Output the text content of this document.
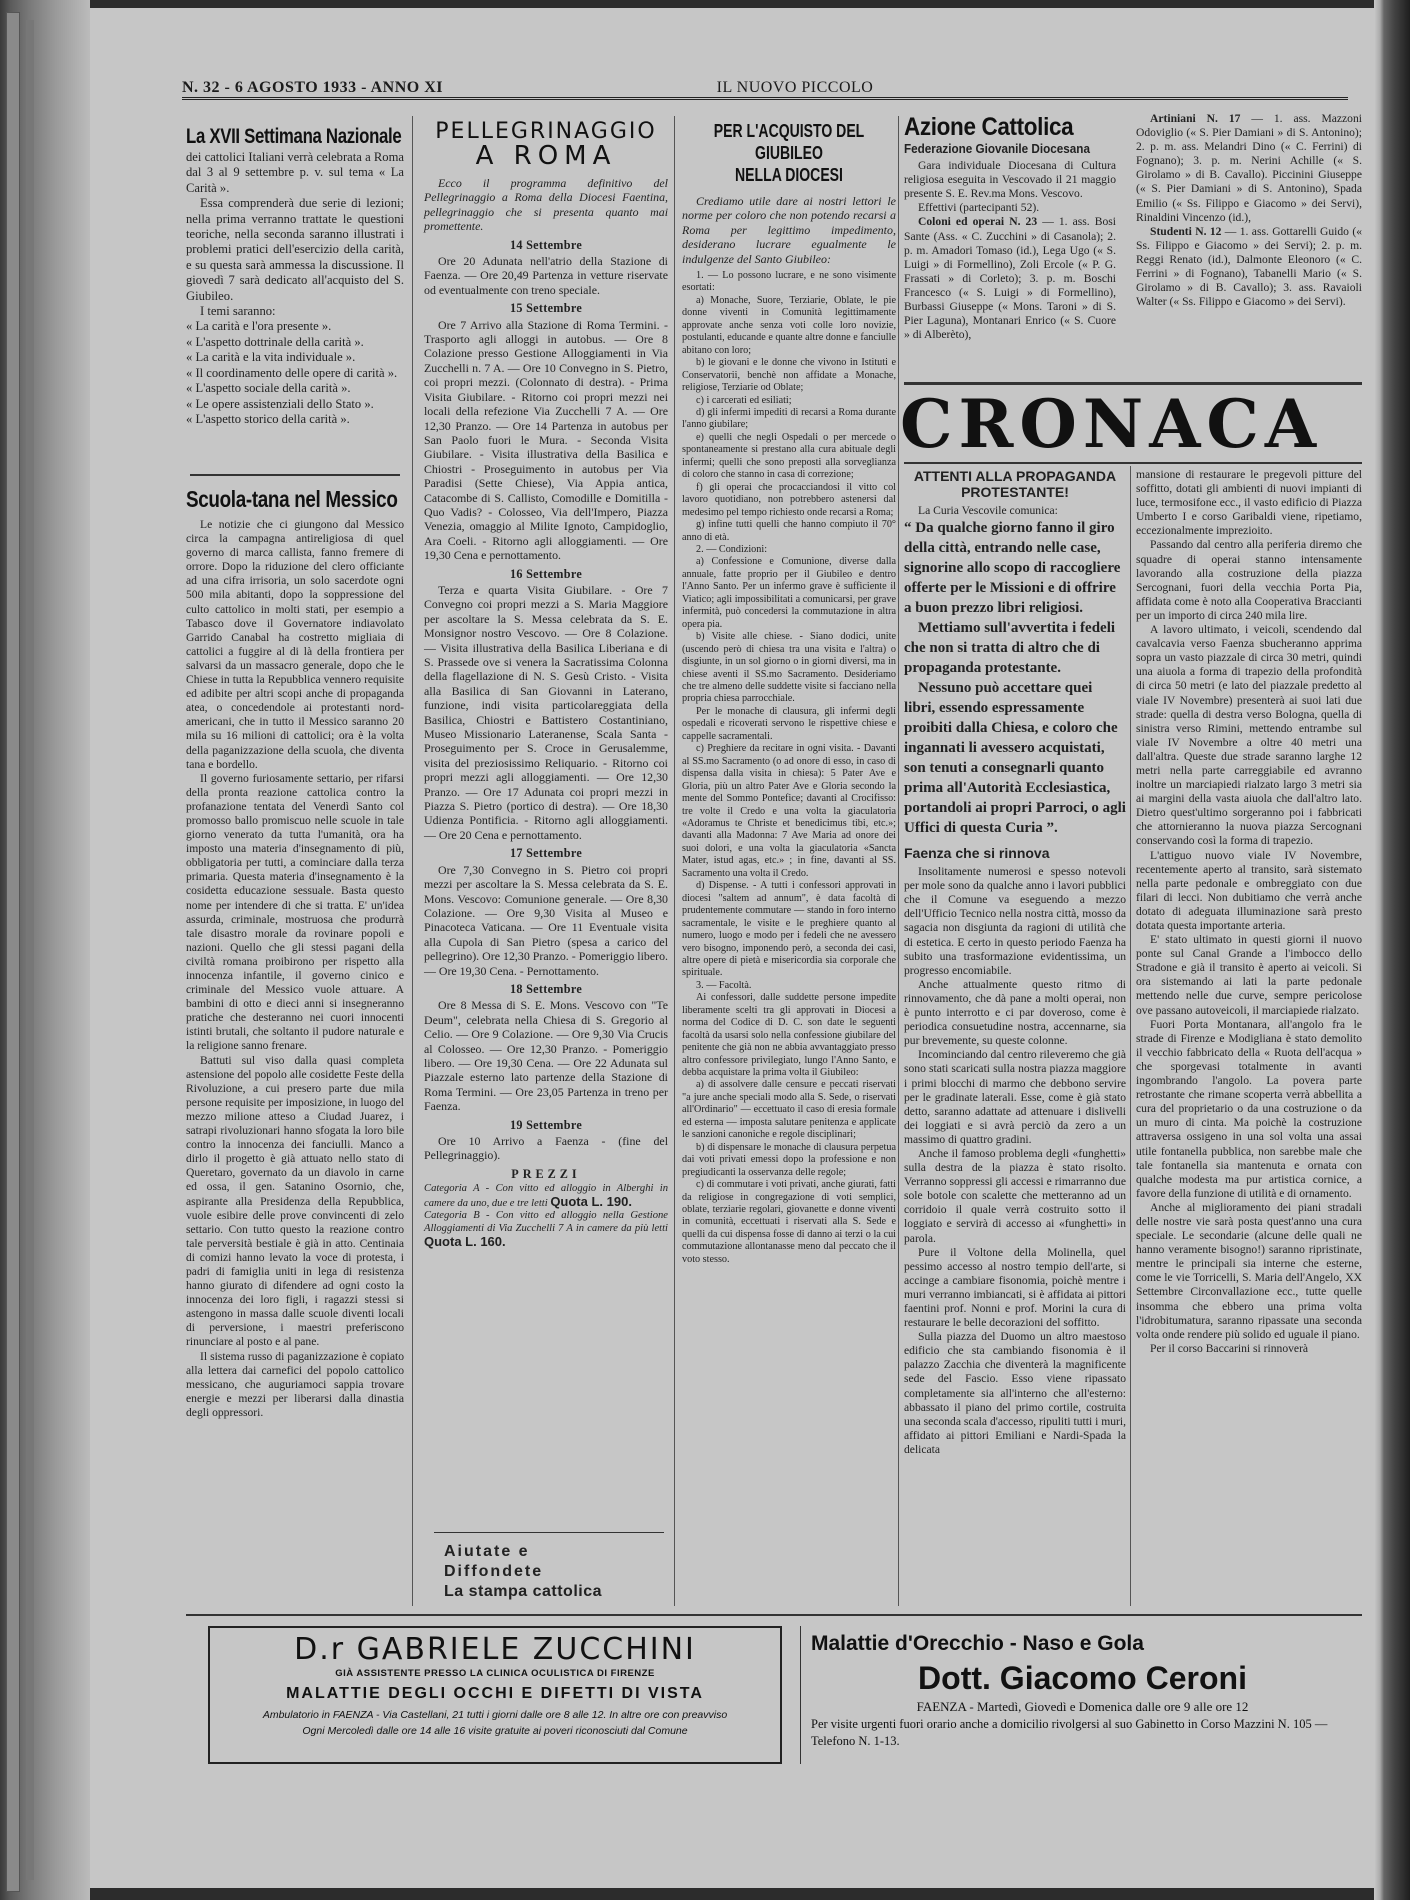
N. 32 - 6 AGOSTO 1933 - ANNO XI	IL NUOVO PICCOLO
La XVII Settimana Nazionale

dei cattolici Italiani verrà celebrata a Roma dal 3 al 9 settembre p. v. sul tema « La Carità ».

Essa comprenderà due serie di lezioni; nella prima verranno trattate le questioni teoriche, nella seconda saranno illustrati i problemi pratici dell'esercizio della carità, e su questa sarà ammessa la discussione. Il giovedì 7 sarà dedicato all'acquisto del S. Giubileo.

I temi saranno:

« La carità e l'ora presente ».

« L'aspetto dottrinale della carità ».

« La carità e la vita individuale ».

« Il coordinamento delle opere di carità ».

« L'aspetto sociale della carità ».

« Le opere assistenziali dello Stato ».

« L'aspetto storico della carità ».

Scuola-tana nel Messico

Le notizie che ci giungono dal Messico circa la campagna antireligiosa di quel governo di marca callista, fanno fremere di orrore. Dopo la riduzione del clero officiante ad una cifra irrisoria, un solo sacerdote ogni 500 mila abitanti, dopo la soppressione del culto cattolico in molti stati, per esempio a Tabasco dove il Governatore indiavolato Garrido Canabal ha costretto migliaia di cattolici a fuggire al di là della frontiera per salvarsi da un massacro generale, dopo che le Chiese in tutta la Repubblica vennero requisite ed adibite per altri scopi anche di propaganda atea, o concedendole ai protestanti nord-americani, che in tutto il Messico saranno 20 mila su 16 milioni di cattolici; ora è la volta della paganizzazione della scuola, che diventa tana e bordello.

Il governo furiosamente settario, per rifarsi della pronta reazione cattolica contro la profanazione tentata del Venerdì Santo col promosso ballo promiscuo nelle scuole in tale giorno venerato da tutta l'umanità, ora ha imposto una materia d'insegnamento di più, obbligatoria per tutti, a cominciare dalla terza primaria. Questa materia d'insegnamento è la cosidetta educazione sessuale. Basta questo nome per intendere di che si tratta. E' un'idea assurda, criminale, mostruosa che produrrà tale disastro morale da rovinare popoli e nazioni. Quello che gli stessi pagani della civiltà romana proibirono per rispetto alla innocenza infantile, il governo cinico e criminale del Messico vuole attuare. A bambini di otto e dieci anni si insegneranno pratiche che desteranno nei cuori innocenti istinti brutali, che soltanto il pudore naturale e la religione sanno frenare.

Battuti sul viso dalla quasi completa astensione del popolo alle cosidette Feste della Rivoluzione, a cui presero parte due mila persone requisite per imposizione, in luogo del mezzo milione atteso a Ciudad Juarez, i satrapi rivoluzionari hanno sfogata la loro bile contro la innocenza dei fanciulli. Manco a dirlo il progetto è già attuato nello stato di Queretaro, governato da un diavolo in carne ed ossa, il gen. Satanino Osornio, che, aspirante alla Presidenza della Repubblica, vuole esibire delle prove convincenti di zelo settario. Con tutto questo la reazione contro tale perversità bestiale è già in atto. Centinaia di comizi hanno levato la voce di protesta, i padri di famiglia uniti in lega di resistenza hanno giurato di difendere ad ogni costo la innocenza dei loro figli, i ragazzi stessi si astengono in massa dalle scuole diventi locali di perversione, i maestri preferiscono rinunciare al posto e al pane.

Il sistema russo di paganizzazione è copiato alla lettera dai carnefici del popolo cattolico messicano, che auguriamoci sappia trovare energie e mezzi per liberarsi dalla dinastia degli oppressori.

PELLEGRINAGGIO
A ROMA

Ecco il programma definitivo del Pellegrinaggio a Roma della Diocesi Faentina, pellegrinaggio che si presenta quanto mai promettente.

14 Settembre

Ore 20 Adunata nell'atrio della Stazione di Faenza. — Ore 20,49 Partenza in vetture riservate od eventualmente con treno speciale.

15 Settembre

Ore 7 Arrivo alla Stazione di Roma Termini. - Trasporto agli alloggi in autobus. — Ore 8 Colazione presso Gestione Alloggiamenti in Via Zucchelli n. 7 A. — Ore 10 Convegno in S. Pietro, coi propri mezzi. (Colonnato di destra). - Prima Visita Giubilare. - Ritorno coi propri mezzi nei locali della refezione Via Zucchelli 7 A. — Ore 12,30 Pranzo. — Ore 14 Partenza in autobus per San Paolo fuori le Mura. - Seconda Visita Giubilare. - Visita illustrativa della Basilica e Chiostri - Proseguimento in autobus per Via Paradisi (Sette Chiese), Via Appia antica, Catacombe di S. Callisto, Comodille e Domitilla - Quo Vadis? - Colosseo, Via dell'Impero, Piazza Venezia, omaggio al Milite Ignoto, Campidoglio, Ara Coeli. - Ritorno agli alloggiamenti. — Ore 19,30 Cena e pernottamento.

16 Settembre

Terza e quarta Visita Giubilare. - Ore 7 Convegno coi propri mezzi a S. Maria Maggiore per ascoltare la S. Messa celebrata da S. E. Monsignor nostro Vescovo. — Ore 8 Colazione. — Visita illustrativa della Basilica Liberiana e di S. Prassede ove si venera la Sacratissima Colonna della flagellazione di N. S. Gesù Cristo. - Visita alla Basilica di San Giovanni in Laterano, funzione, indi visita particolareggiata della Basilica, Chiostri e Battistero Costantiniano, Museo Missionario Lateranense, Scala Santa - Proseguimento per S. Croce in Gerusalemme, visita del preziosissimo Reliquario. - Ritorno coi propri mezzi agli alloggiamenti. — Ore 12,30 Pranzo. — Ore 17 Adunata coi propri mezzi in Piazza S. Pietro (portico di destra). — Ore 18,30 Udienza Pontificia. - Ritorno agli alloggiamenti. — Ore 20 Cena e pernottamento.

17 Settembre

Ore 7,30 Convegno in S. Pietro coi propri mezzi per ascoltare la S. Messa celebrata da S. E. Mons. Vescovo: Comunione generale. — Ore 8,30 Colazione. — Ore 9,30 Visita al Museo e Pinacoteca Vaticana. — Ore 11 Eventuale visita alla Cupola di San Pietro (spesa a carico del pellegrino). Ore 12,30 Pranzo. - Pomeriggio libero. — Ore 19,30 Cena. - Pernottamento.

18 Settembre

Ore 8 Messa di S. E. Mons. Vescovo con "Te Deum", celebrata nella Chiesa di S. Gregorio al Celio. — Ore 9 Colazione. — Ore 9,30 Via Crucis al Colosseo. — Ore 12,30 Pranzo. - Pomeriggio libero. — Ore 19,30 Cena. — Ore 22 Adunata sul Piazzale esterno lato partenze della Stazione di Roma Termini. — Ore 23,05 Partenza in treno per Faenza.

19 Settembre

Ore 10 Arrivo a Faenza - (fine del Pellegrinaggio).

PREZZI

Categoria A - Con vitto ed alloggio in Alberghi in camere da uno, due e tre letti Quota L. 190.

Categoria B - Con vitto ed alloggio nella Gestione Alloggiamenti di Via Zucchelli 7 A in camere da più letti Quota L. 160.

Aiutate e
Diffondete
La stampa cattolica
PER L'ACQUISTO DEL GIUBILEO
NELLA DIOCESI

Crediamo utile dare ai nostri lettori le norme per coloro che non potendo recarsi a Roma per legittimo impedimento, desiderano lucrare egualmente le indulgenze del Santo Giubileo:

1. — Lo possono lucrare, e ne sono visimente esortati:

a) Monache, Suore, Terziarie, Oblate, le pie donne viventi in Comunità legittimamente approvate anche senza voti colle loro novizie, postulanti, educande e quante altre donne e fanciulle abitano con loro;

b) le giovani e le donne che vivono in Istituti e Conservatorii, benchè non affidate a Monache, religiose, Terziarie od Oblate;

c) i carcerati ed esiliati;

d) gli infermi impediti di recarsi a Roma durante l'anno giubilare;

e) quelli che negli Ospedali o per mercede o spontaneamente si prestano alla cura abituale degli infermi; quelli che sono preposti alla sorveglianza di coloro che stanno in casa di correzione;

f) gli operai che procacciandosi il vitto col lavoro quotidiano, non potrebbero astenersi dal medesimo pel tempo richiesto onde recarsi a Roma;

g) infine tutti quelli che hanno compiuto il 70° anno di età.

2. — Condizioni:

a) Confessione e Comunione, diverse dalla annuale, fatte proprio per il Giubileo e dentro l'Anno Santo. Per un infermo grave è sufficiente il Viatico; agli impossibilitati a comunicarsi, per grave infermità, può concedersi la commutazione in altra opera pia.

b) Visite alle chiese. - Siano dodici, unite (uscendo però di chiesa tra una visita e l'altra) o disgiunte, in un sol giorno o in giorni diversi, ma in chiese aventi il SS.mo Sacramento. Desideriamo che tre almeno delle suddette visite si facciano nella propria chiesa parrocchiale.

Per le monache di clausura, gli infermi degli ospedali e ricoverati servono le rispettive chiese e cappelle sacramentali.

c) Preghiere da recitare in ogni visita. - Davanti al SS.mo Sacramento (o ad onore di esso, in caso di dispensa dalla visita in chiesa): 5 Pater Ave e Gloria, più un altro Pater Ave e Gloria secondo la mente del Sommo Pontefice; davanti al Crocifisso: tre volte il Credo e una volta la giaculatoria «Adoramus te Christe et benedicimus tibi, etc.»; davanti alla Madonna: 7 Ave Maria ad onore dei suoi dolori, e una volta la giaculatoria «Sancta Mater, istud agas, etc.» ; in fine, davanti al SS. Sacramento una volta il Credo.

d) Dispense. - A tutti i confessori approvati in diocesi "saltem ad annum", è data facoltà di prudentemente commutare — stando in foro interno sacramentale, le visite e le preghiere quanto al numero, luogo e modo per i fedeli che ne avessero vero bisogno, imponendo però, a seconda dei casi, altre opere di pietà e misericordia sia corporale che spirituale.

3. — Facoltà.

Ai confessori, dalle suddette persone impedite liberamente scelti tra gli approvati in Diocesi a norma del Codice di D. C. son date le seguenti facoltà da usarsi solo nella confessione giubilare del penitente che già non ne abbia avvantaggiato presso altro confessore privilegiato, lungo l'Anno Santo, e debba acquistare la prima volta il Giubileo:

a) di assolvere dalle censure e peccati riservati "a jure anche speciali modo alla S. Sede, o riservati all'Ordinario" — eccettuato il caso di eresia formale ed esterna — imposta salutare penitenza e applicate le sanzioni canoniche e regole disciplinari;

b) di dispensare le monache di clausura perpetua dai voti privati emessi dopo la professione e non pregiudicanti la osservanza delle regole;

c) di commutare i voti privati, anche giurati, fatti da religiose in congregazione di voti semplici, oblate, terziarie regolari, giovanette e donne viventi in comunità, eccettuati i riservati alla S. Sede e quelli da cui dispensa fosse di danno ai terzi o la cui commutazione allontanasse meno dal peccato che il voto stesso.

Azione Cattolica
Federazione Giovanile Diocesana

Gara individuale Diocesana di Cultura religiosa eseguita in Vescovado il 21 maggio presente S. E. Rev.ma Mons. Vescovo.

Effettivi (partecipanti 52).

Coloni ed operai N. 23 — 1. ass. Bosi Sante (Ass. « C. Zucchini » di Casanola); 2. p. m. Amadori Tomaso (id.), Lega Ugo (« S. Luigi » di Formellino), Zoli Ercole (« P. G. Frassati » di Corleto); 3. p. m. Boschi Francesco (« S. Luigi » di Formellino), Burbassi Giuseppe (« Mons. Taroni » di S. Pier Laguna), Montanari Enrico (« S. Cuore » di Alberèto),

Artiniani N. 17 — 1. ass. Mazzoni Odoviglio (« S. Pier Damiani » di S. Antonino); 2. p. m. ass. Melandri Dino (« C. Ferrini) di Fognano); 3. p. m. Nerini Achille (« S. Girolamo » di B. Cavallo). Piccinini Giuseppe (« S. Pier Damiani » di S. Antonino), Spada Emilio (« Ss. Filippo e Giacomo » dei Servi), Rinaldini Vincenzo (id.),

Studenti N. 12 — 1. ass. Gottarelli Guido (« Ss. Filippo e Giacomo » dei Servi); 2. p. m. Reggi Renato (id.), Dalmonte Eleonoro (« C. Ferrini » di Fognano), Tabanelli Mario (« S. Girolamo » di B. Cavallo); 3. ass. Ravaioli Walter (« Ss. Filippo e Giacomo » dei Servi).

CRONACA
ATTENTI ALLA PROPAGANDA PROTESTANTE!

La Curia Vescovile comunica:

“ Da qualche giorno fanno il giro della città, entrando nelle case, signorine allo scopo di raccogliere offerte per le Missioni e di offrire a buon prezzo libri religiosi.

Mettiamo sull'avvertita i fedeli che non si tratta di altro che di propaganda protestante.

Nessuno può accettare quei libri, essendo espressamente proibiti dalla Chiesa, e coloro che ingannati li avessero acquistati, son tenuti a consegnarli quanto prima all'Autorità Ecclesiastica, portandoli ai propri Parroci, o agli Uffici di questa Curia ”.

Faenza che si rinnova

Insolitamente numerosi e spesso notevoli per mole sono da qualche anno i lavori pubblici che il Comune va eseguendo a mezzo dell'Ufficio Tecnico nella nostra città, mosso da sagacia non disgiunta da ragioni di utilità che di estetica. E certo in questo periodo Faenza ha subito una trasformazione evidentissima, un progresso encomiabile.

Anche attualmente questo ritmo di rinnovamento, che dà pane a molti operai, non è punto interrotto e ci par doveroso, come è periodica consuetudine nostra, accennarne, sia pur brevemente, su queste colonne.

Incominciando dal centro rileveremo che già sono stati scaricati sulla nostra piazza maggiore i primi blocchi di marmo che debbono servire per le gradinate laterali. Esse, come è già stato detto, saranno adattate ad attenuare i dislivelli dei loggiati e si avrà perciò da zero a un massimo di quattro gradini.

Anche il famoso problema degli «funghetti» sulla destra de la piazza è stato risolto. Verranno soppressi gli accessi e rimarranno due sole botole con scalette che metteranno ad un corridoio il quale verrà costruito sotto il loggiato e servirà di accesso ai «funghetti» in parola.

Pure il Voltone della Molinella, quel pessimo accesso al nostro tempio dell'arte, si accinge a cambiare fisonomia, poichè mentre i muri verranno imbiancati, si è affidata ai pittori faentini prof. Nonni e prof. Morini la cura di restaurare le belle decorazioni del soffitto.

Sulla piazza del Duomo un altro maestoso edificio che sta cambiando fisonomia è il palazzo Zacchia che diventerà la magnificente sede del Fascio. Esso viene ripassato completamente sia all'interno che all'esterno: abbassato il piano del primo cortile, costruita una seconda scala d'accesso, ripuliti tutti i muri, affidato ai pittori Emiliani e Nardi-Spada la delicata

mansione di restaurare le pregevoli pitture del soffitto, dotati gli ambienti di nuovi impianti di luce, termosifone ecc., il vasto edificio di Piazza Umberto I e corso Garibaldi viene, ripetiamo, eccezionalmente imprezioito.

Passando dal centro alla periferia diremo che squadre di operai stanno intensamente lavorando alla costruzione della piazza Sercognani, fuori della vecchia Porta Pia, affidata come è noto alla Cooperativa Braccianti per un importo di circa 240 mila lire.

A lavoro ultimato, i veicoli, scendendo dal cavalcavia verso Faenza sbucheranno apprima sopra un vasto piazzale di circa 30 metri, quindi una aiuola a forma di trapezio della profondità di circa 50 metri (e lato del piazzale predetto al viale IV Novembre) presenterà ai suoi lati due strade: quella di destra verso Bologna, quella di sinistra verso Rimini, mettendo entrambe sul viale IV Novembre a oltre 40 metri una dall'altra. Queste due strade saranno larghe 12 metri nella parte carreggiabile ed avranno inoltre un marciapiedi rialzato largo 3 metri sia ai margini della vasta aiuola che dall'altro lato. Dietro quest'ultimo sorgeranno poi i fabbricati che attornieranno la nuova piazza Sercognani conservando così la forma di trapezio.

L'attiguo nuovo viale IV Novembre, recentemente aperto al transito, sarà sistemato nella parte pedonale e ombreggiato con due filari di lecci. Non dubitiamo che verrà anche dotato di adeguata illuminazione sarà presto dotata questa importante arteria.

E' stato ultimato in questi giorni il nuovo ponte sul Canal Grande a l'imbocco dello Stradone e già il transito è aperto ai veicoli. Si ora sistemando ai lati la parte pedonale mettendo nelle due curve, sempre pericolose ove passano autoveicoli, il marciapiede rialzato.

Fuori Porta Montanara, all'angolo fra le strade di Firenze e Modigliana è stato demolito il vecchio fabbricato della « Ruota dell'acqua » che sporgevasi totalmente in avanti ingombrando l'angolo. La povera parte retrostante che rimane scoperta verrà abbellita a cura del proprietario o da una costruzione o da un muro di cinta. Ma poichè la costruzione attraversa ossigeno in una sol volta una assai utile fontanella pubblica, non sarebbe male che tale fontanella sia mantenuta e ornata con qualche modesta ma pur artistica cornice, a favore della funzione di utilità e di ornamento.

Anche al miglioramento dei piani stradali delle nostre vie sarà posta quest'anno una cura speciale. Le secondarie (alcune delle quali ne hanno veramente bisogno!) saranno ripristinate, mentre le principali sia interne che esterne, come le vie Torricelli, S. Maria dell'Angelo, XX Settembre Circonvallazione ecc., tutte quelle insomma che ebbero una prima volta l'idrobitumatura, saranno ripassate una seconda volta onde rendere più solido ed uguale il piano.

Per il corso Baccarini si rinnoverà

D.r GABRIELE ZUCCHINI
GIÀ ASSISTENTE PRESSO LA CLINICA OCULISTICA DI FIRENZE
MALATTIE DEGLI OCCHI E DIFETTI DI VISTA
Ambulatorio in FAENZA - Via Castellani, 21 tutti i giorni dalle ore 8 alle 12. In altre ore con preavviso
Ogni Mercoledì dalle ore 14 alle 16 visite gratuite ai poveri riconosciuti dal Comune
Malattie d'Orecchio - Naso e Gola
Dott. Giacomo Ceroni
FAENZA - Martedì, Giovedì e Domenica dalle ore 9 alle ore 12
Per visite urgenti fuori orario anche a domicilio rivolgersi al suo Gabinetto in Corso Mazzini N. 105 — Telefono N. 1-13.
